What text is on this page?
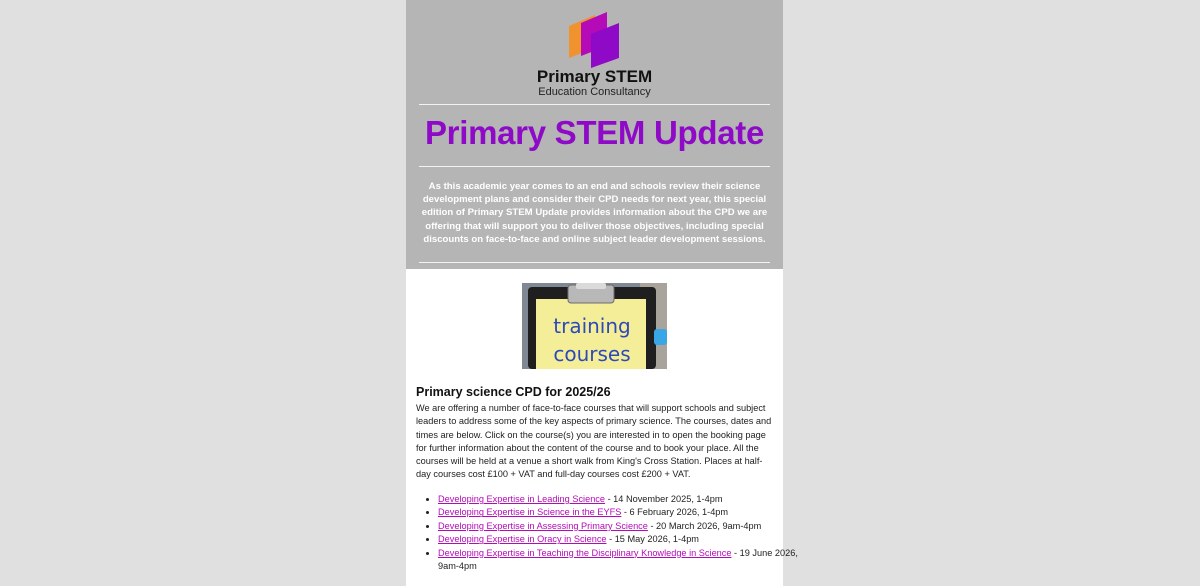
Primary STEM
Education Consultancy
Primary STEM Update
As this academic year comes to an end and schools review their science development plans and consider their CPD needs for next year, this special edition of Primary STEM Update provides information about the CPD we are offering that will support you to deliver those objectives, including special discounts on face-to-face and online subject leader development sessions.
training
courses
Primary science CPD for 2025/26
We are offering a number of face-to-face courses that will support schools and subject leaders to address some of the key aspects of primary science. The courses, dates and times are below. Click on the course(s) you are interested in to open the booking page for further information about the content of the course and to book your place. All the courses will be held at a venue a short walk from King's Cross Station. Places at half-day courses cost £100 + VAT and full-day courses cost £200 + VAT.
• Developing Expertise in Leading Science - 14 November 2025, 1-4pm
• Developing Expertise in Science in the EYFS - 6 February 2026, 1-4pm
• Developing Expertise in Assessing Primary Science - 20 March 2026, 9am-4pm
• Developing Expertise in Oracy in Science - 15 May 2026, 1-4pm
• Developing Expertise in Teaching the Disciplinary Knowledge in Science - 19 June 2026, 9am-4pm
